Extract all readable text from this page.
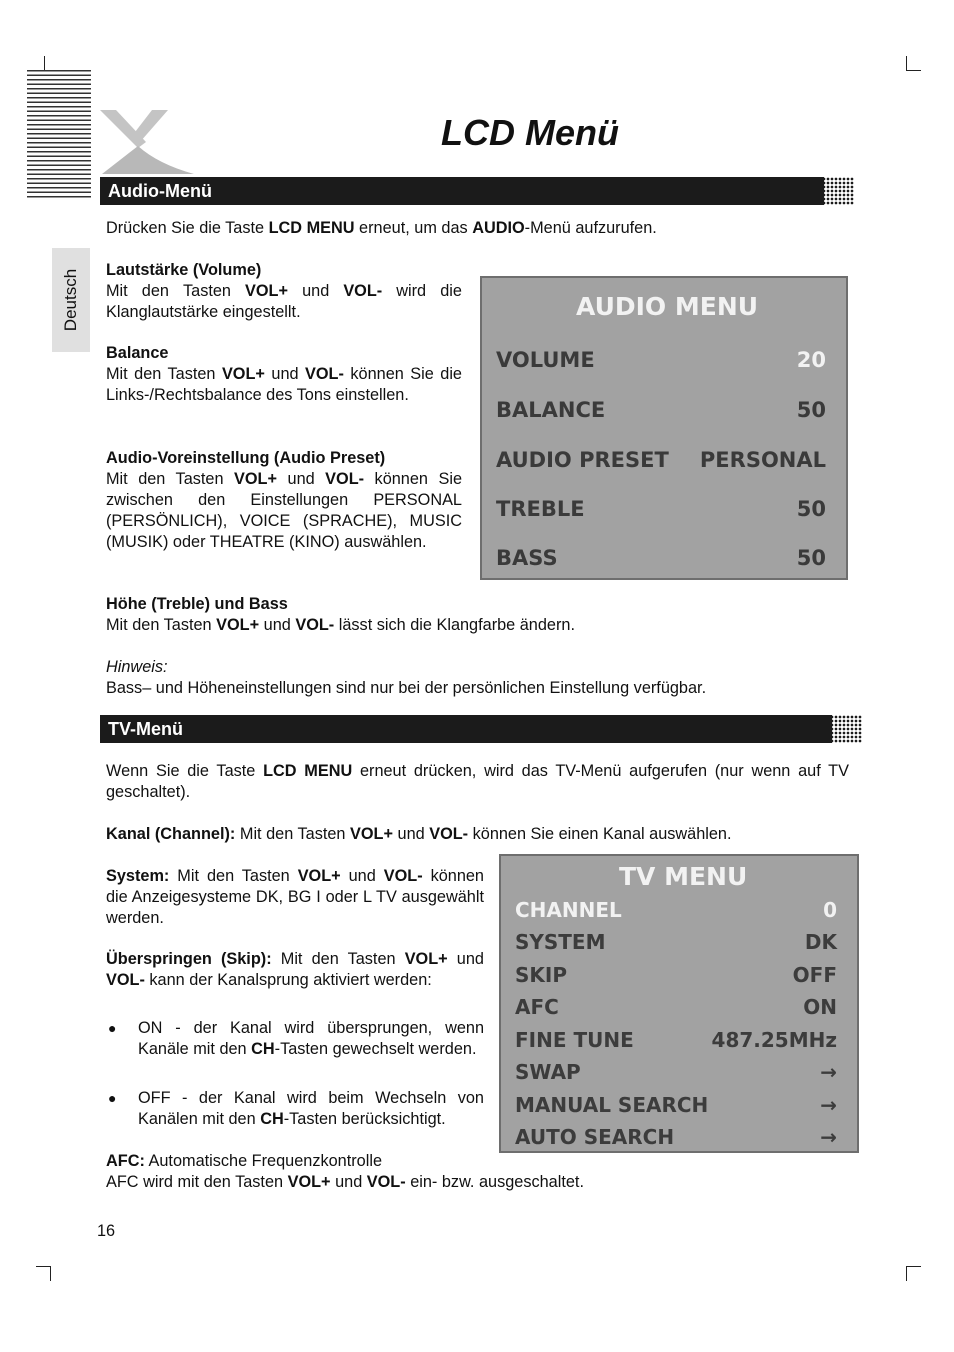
LCD Menü
Deutsch
Audio-Menü
Drücken Sie die Taste LCD MENU erneut, um das AUDIO-Menü aufzurufen.
Lautstärke (Volume)

Mit den Tasten VOL+ und VOL- wird die
Klanglautstärke eingestellt.
Balance
Mit den Tasten VOL+ und VOL- können Sie die Links-/Rechtsbalance des Tons einstellen.
Audio-Voreinstellung (Audio Preset)
Mit den Tasten VOL+ und VOL- können Sie zwischen den Einstellungen PERSONAL (PERSÖNLICH), VOICE (SPRACHE), MUSIC (MUSIK) oder THEATRE (KINO) auswählen.
AUDIO MENU
VOLUME	20
BALANCE	50
AUDIO PRESET PERSONAL
TREBLE	50
BASS	50
Höhe (Treble) und Bass
Mit den Tasten VOL+ und VOL- lässt sich die Klangfarbe ändern.
Hinweis:
Bass– und Höheneinstellungen sind nur bei der persönlichen Einstellung verfügbar.
TV-Menü
Wenn Sie die Taste LCD MENU erneut drücken, wird das TV-Menü aufgerufen (nur wenn auf TV geschaltet).
Kanal (Channel): Mit den Tasten VOL+ und VOL- können Sie einen Kanal auswählen.
System: Mit den Tasten VOL+ und VOL- können die Anzeigesysteme DK, BG I oder L TV ausgewählt werden.
Überspringen (Skip): Mit den Tasten VOL+ und VOL- kann der Kanalsprung aktiviert werden:
● ON - der Kanal wird übersprungen, wenn Kanäle mit den CH-Tasten gewechselt werden.
● OFF - der Kanal wird beim Wechseln von Kanälen mit den CH-Tasten berücksichtigt.
TV MENU
CHANNEL	0
SYSTEM	DK
SKIP	OFF
AFC	ON
FINE TUNE	487.25MHz
SWAP	→
MANUAL SEARCH	→
AUTO SEARCH	→
AFC: Automatische Frequenzkontrolle
AFC wird mit den Tasten VOL+ und VOL- ein- bzw. ausgeschaltet.
16
